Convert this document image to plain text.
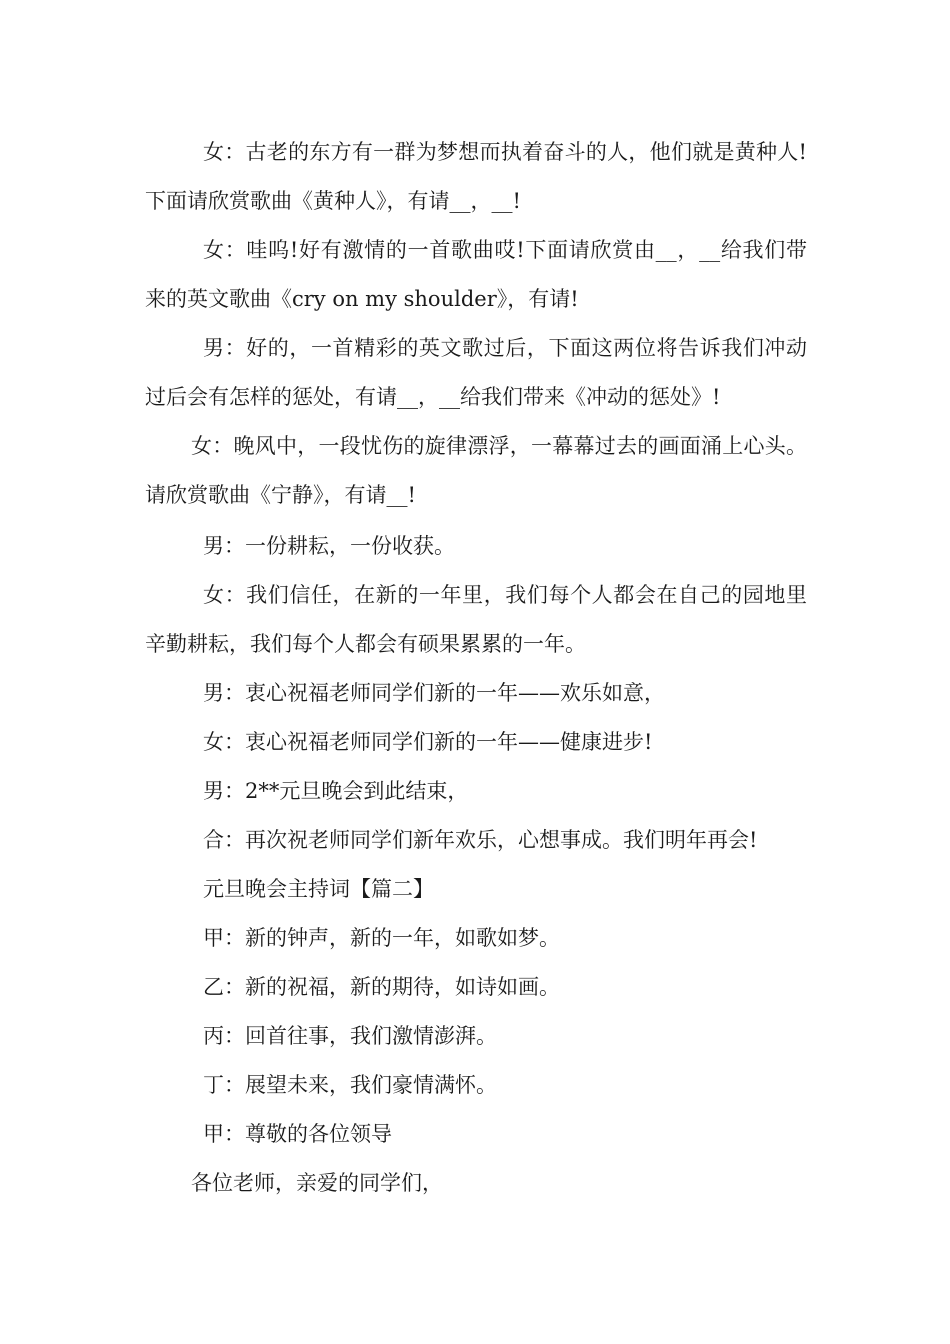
女：古老的东方有一群为梦想而执着奋斗的人，他们就是黄种人!下面请欣赏歌曲《黄种人》，有请__，__!

女：哇呜!好有激情的一首歌曲哎!下面请欣赏由__，__给我们带来的英文歌曲《cry on my shoulder》，有请!

男：好的，一首精彩的英文歌过后，下面这两位将告诉我们冲动过后会有怎样的惩处，有请__，__给我们带来《冲动的惩处》!

女：晚风中，一段忧伤的旋律漂浮，一幕幕过去的画面涌上心头。请欣赏歌曲《宁静》，有请__!

男：一份耕耘，一份收获。

女：我们信任，在新的一年里，我们每个人都会在自己的园地里辛勤耕耘，我们每个人都会有硕果累累的一年。

男：衷心祝福老师同学们新的一年——欢乐如意，

女：衷心祝福老师同学们新的一年——健康进步!

男：2**元旦晚会到此结束，

合：再次祝老师同学们新年欢乐，心想事成。我们明年再会!

元旦晚会主持词【篇二】

甲：新的钟声，新的一年，如歌如梦。

乙：新的祝福，新的期待，如诗如画。

丙：回首往事，我们激情澎湃。

丁：展望未来，我们豪情满怀。

甲：尊敬的各位领导

各位老师，亲爱的同学们，
